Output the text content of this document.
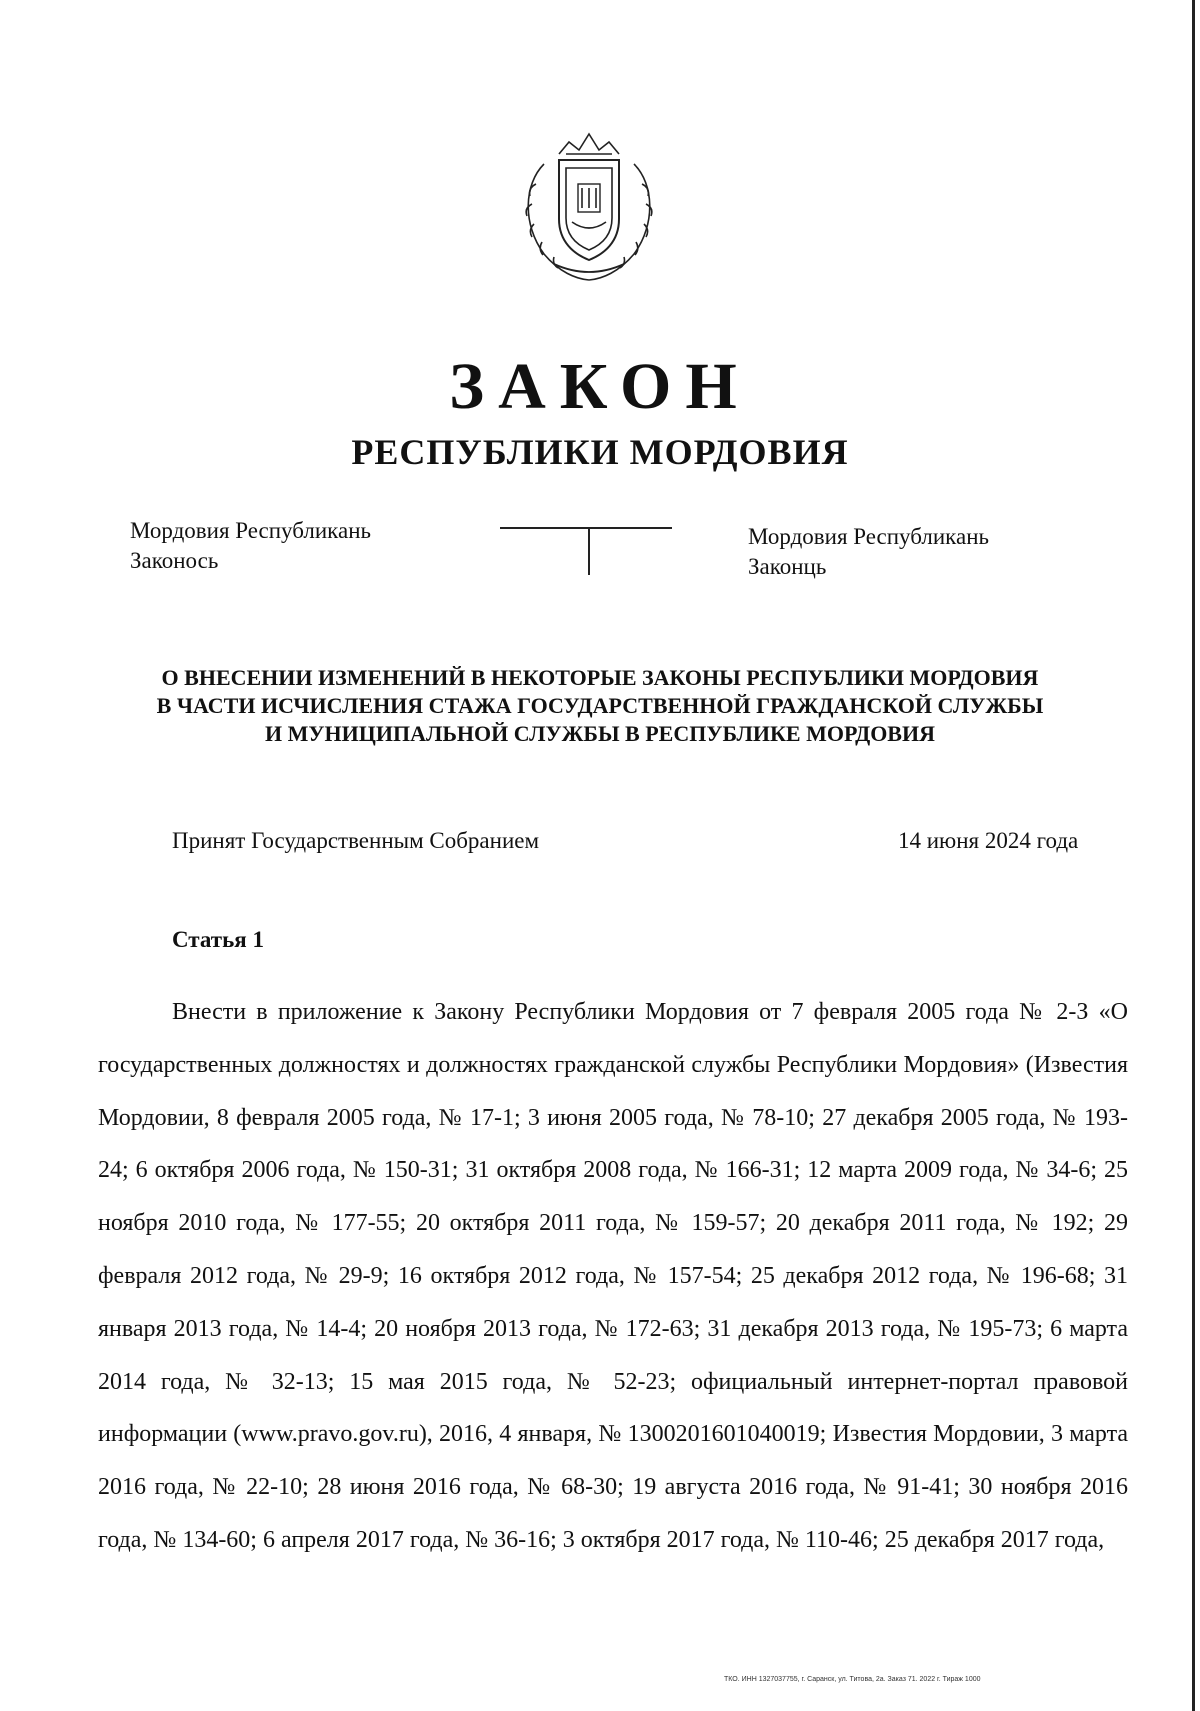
ЗАКОН
РЕСПУБЛИКИ МОРДОВИЯ
Мордовия Республикань
Законось
Мордовия Республикань
Законць
О ВНЕСЕНИИ ИЗМЕНЕНИЙ В НЕКОТОРЫЕ ЗАКОНЫ РЕСПУБЛИКИ МОРДОВИЯ
В ЧАСТИ ИСЧИСЛЕНИЯ СТАЖА ГОСУДАРСТВЕННОЙ ГРАЖДАНСКОЙ СЛУЖБЫ
И МУНИЦИПАЛЬНОЙ СЛУЖБЫ В РЕСПУБЛИКЕ МОРДОВИЯ
Принят Государственным Собранием	14 июня 2024 года
Статья 1
Внести в приложение к Закону Республики Мордовия от 7 февраля 2005 года № 2-З «О государственных должностях и должностях гражданской службы Республики Мордовия» (Известия Мордовии, 8 февраля 2005 года, № 17-1; 3 июня 2005 года, № 78-10; 27 декабря 2005 года, № 193-24; 6 октября 2006 года, № 150-31; 31 октября 2008 года, № 166-31; 12 марта 2009 года, № 34-6; 25 ноября 2010 года, № 177-55; 20 октября 2011 года, № 159-57; 20 декабря 2011 года, № 192; 29 февраля 2012 года, № 29-9; 16 октября 2012 года, № 157-54; 25 декабря 2012 года, № 196-68; 31 января 2013 года, № 14-4; 20 ноября 2013 года, № 172-63; 31 декабря 2013 года, № 195-73; 6 марта 2014 года, № 32-13; 15 мая 2015 года, № 52-23; официальный интернет-портал правовой информации (www.pravo.gov.ru), 2016, 4 января, № 1300201601040019; Известия Мордовии, 3 марта 2016 года, № 22-10; 28 июня 2016 года, № 68-30; 19 августа 2016 года, № 91-41; 30 ноября 2016 года, № 134-60; 6 апреля 2017 года, № 36-16; 3 октября 2017 года, № 110-46; 25 декабря 2017 года,
ТКО. ИНН 1327037755, г. Саранск, ул. Титова, 2а. Заказ 71. 2022 г. Тираж 1000
